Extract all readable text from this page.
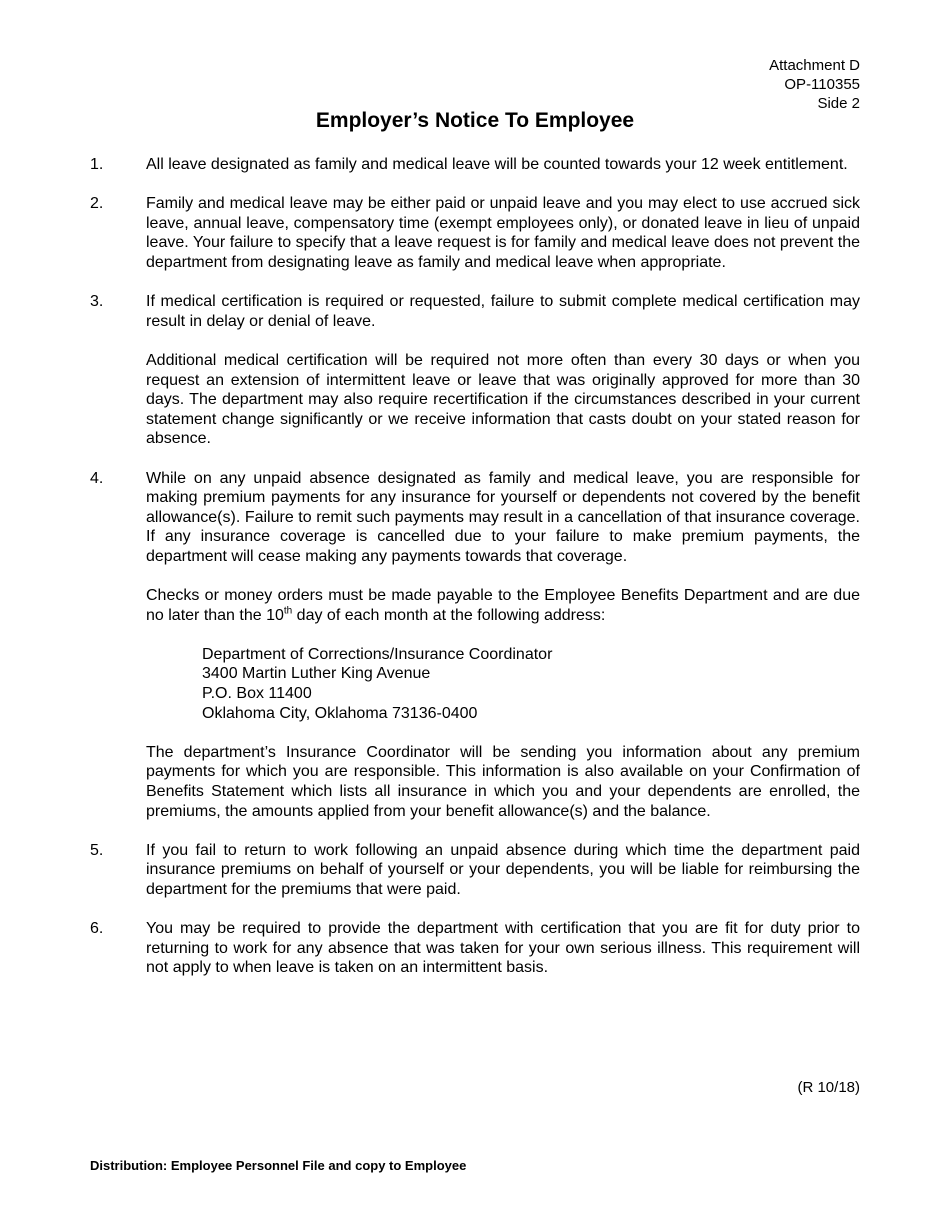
Attachment D
OP-110355
Side 2
Employer’s Notice To Employee
1.	All leave designated as family and medical leave will be counted towards your 12 week entitlement.

2.	Family and medical leave may be either paid or unpaid leave and you may elect to use accrued sick leave, annual leave, compensatory time (exempt employees only), or donated leave in lieu of unpaid leave. Your failure to specify that a leave request is for family and medical leave does not prevent the department from designating leave as family and medical leave when appropriate.

3.	If medical certification is required or requested, failure to submit complete medical certification may result in delay or denial of leave.

Additional medical certification will be required not more often than every 30 days or when you request an extension of intermittent leave or leave that was originally approved for more than 30 days. The department may also require recertification if the circumstances described in your current statement change significantly or we receive information that casts doubt on your stated reason for absence.

4.	While on any unpaid absence designated as family and medical leave, you are responsible for making premium payments for any insurance for yourself or dependents not covered by the benefit allowance(s). Failure to remit such payments may result in a cancellation of that insurance coverage. If any insurance coverage is cancelled due to your failure to make premium payments, the department will cease making any payments towards that coverage.

Checks or money orders must be made payable to the Employee Benefits Department and are due no later than the 10th day of each month at the following address:

Department of Corrections/Insurance Coordinator
3400 Martin Luther King Avenue
P.O. Box 11400
Oklahoma City, Oklahoma 73136-0400

The department’s Insurance Coordinator will be sending you information about any premium payments for which you are responsible. This information is also available on your Confirmation of Benefits Statement which lists all insurance in which you and your dependents are enrolled, the premiums, the amounts applied from your benefit allowance(s) and the balance.

5.	If you fail to return to work following an unpaid absence during which time the department paid insurance premiums on behalf of yourself or your dependents, you will be liable for reimbursing the department for the premiums that were paid.

6.	You may be required to provide the department with certification that you are fit for duty prior to returning to work for any absence that was taken for your own serious illness. This requirement will not apply to when leave is taken on an intermittent basis.

(R 10/18)
Distribution: Employee Personnel File and copy to Employee
